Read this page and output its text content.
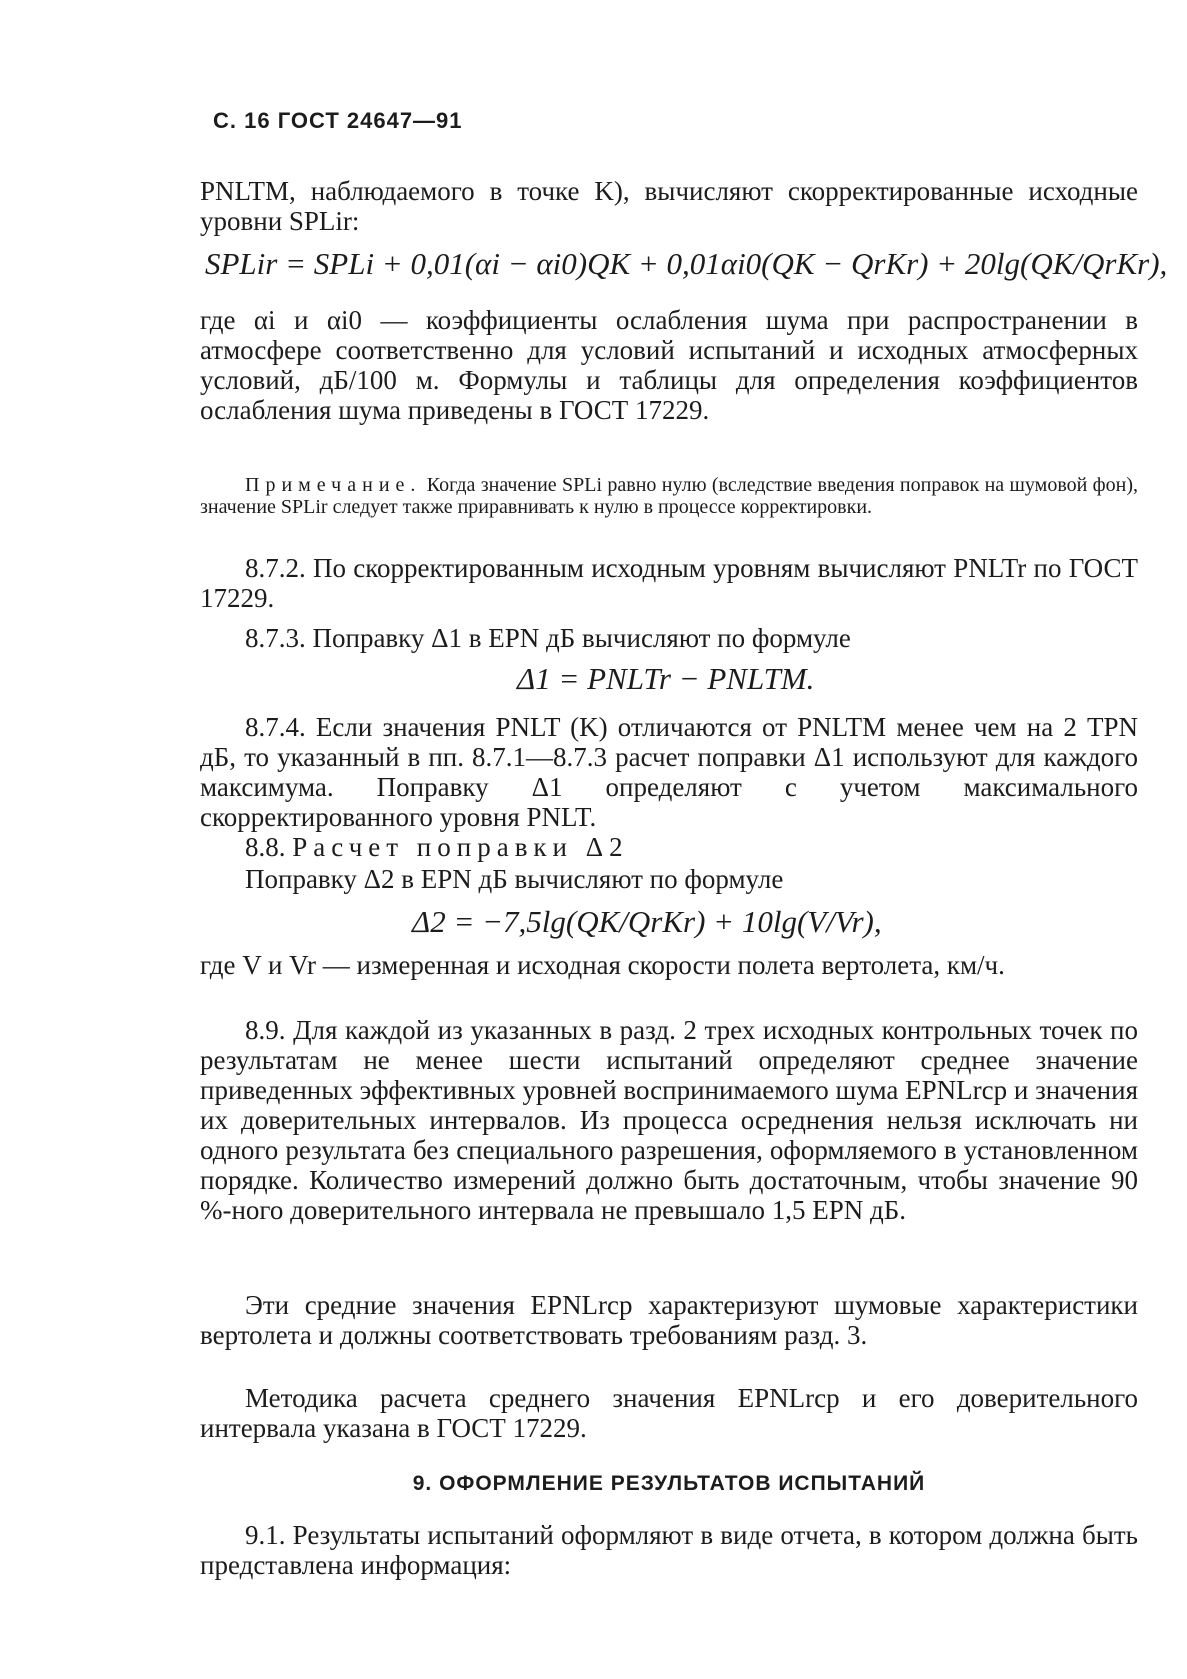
С. 16 ГОСТ 24647—91

PNLTM, наблюдаемого в точке K), вычисляют скорректированные исходные уровни SPLir:

SPLir = SPLi + 0,01(αi − αi0)QK + 0,01αi0(QK − QrKr) + 20lg(QK/QrKr),

где αi и αi0 — коэффициенты ослабления шума при распространении в атмосфере соответственно для условий испытаний и исходных атмосферных условий, дБ/100 м. Формулы и таблицы для определения коэффициентов ослабления шума приведены в ГОСТ 17229.

Примечание. Когда значение SPLi равно нулю (вследствие введения поправок на шумовой фон), значение SPLir следует также приравнивать к нулю в процессе корректировки.

8.7.2. По скорректированным исходным уровням вычисляют PNLTr по ГОСТ 17229.

8.7.3. Поправку Δ1 в EPN дБ вычисляют по формуле

Δ1 = PNLTr − PNLTM.

8.7.4. Если значения PNLT (K) отличаются от PNLTM менее чем на 2 TPN дБ, то указанный в пп. 8.7.1—8.7.3 расчет поправки Δ1 используют для каждого максимума. Поправку Δ1 определяют с учетом максимального скорректированного уровня PNLT.

8.8. Расчет поправки Δ2

Поправку Δ2 в EPN дБ вычисляют по формуле

Δ2 = −7,5lg(QK/QrKr) + 10lg(V/Vr),

где V и Vr — измеренная и исходная скорости полета вертолета, км/ч.

8.9. Для каждой из указанных в разд. 2 трех исходных контрольных точек по результатам не менее шести испытаний определяют среднее значение приведенных эффективных уровней воспринимаемого шума EPNLrср и значения их доверительных интервалов. Из процесса осреднения нельзя исключать ни одного результата без специального разрешения, оформляемого в установленном порядке. Количество измерений должно быть достаточным, чтобы значение 90 %-ного доверительного интервала не превышало 1,5 EPN дБ.

Эти средние значения EPNLrср характеризуют шумовые характеристики вертолета и должны соответствовать требованиям разд. 3.

Методика расчета среднего значения EPNLrср и его доверительного интервала указана в ГОСТ 17229.

9. ОФОРМЛЕНИЕ РЕЗУЛЬТАТОВ ИСПЫТАНИЙ

9.1. Результаты испытаний оформляют в виде отчета, в котором должна быть представлена информация:
